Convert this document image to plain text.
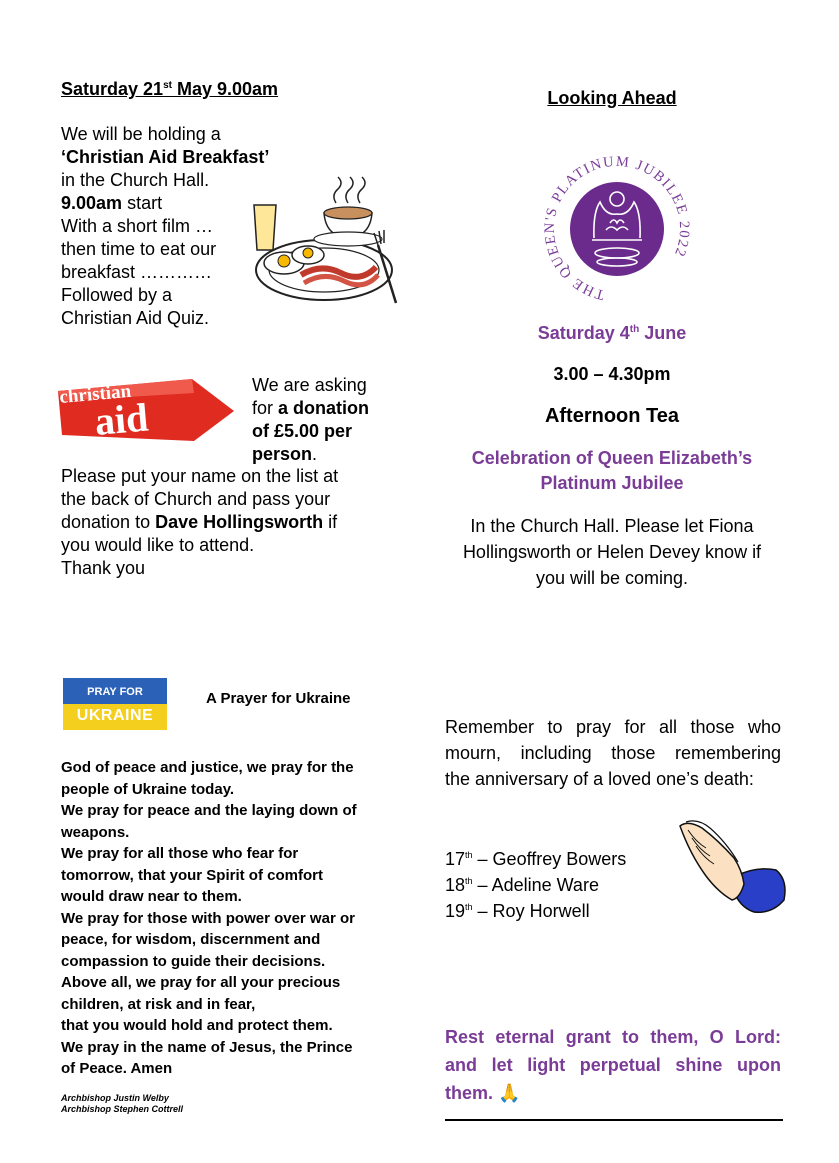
Saturday 21st May 9.00am
We will be holding a
‘Christian Aid Breakfast’
in the Church Hall.
9.00am start
With a short film …
then time to eat our
breakfast …………
Followed by a
Christian Aid Quiz.
christian
aid
We are asking
for a donation
of £5.00 per
person.
Please put your name on the list at
the back of Church and pass your
donation to Dave Hollingsworth if
you would like to attend.
Thank you
Looking Ahead
THE QUEEN'S PLATINUM JUBILEE 2022
Saturday 4th June
3.00 – 4.30pm
Afternoon Tea
Celebration of Queen Elizabeth’s
Platinum Jubilee
In the Church Hall. Please let Fiona
Hollingsworth or Helen Devey know if
you will be coming.
PRAY FOR
UKRAINE
A Prayer for Ukraine
God of peace and justice, we pray for the
people of Ukraine today.
We pray for peace and the laying down of
weapons.
We pray for all those who fear for
tomorrow, that your Spirit of comfort
would draw near to them.
We pray for those with power over war or
peace, for wisdom, discernment and
compassion to guide their decisions.
Above all, we pray for all your precious
children, at risk and in fear,
that you would hold and protect them.
We pray in the name of Jesus, the Prince
of Peace. Amen
Archbishop Justin Welby
Archbishop Stephen Cottrell
Remember to pray for all those who
mourn, including those remembering
the anniversary of a loved one’s death:
17th – Geoffrey Bowers
18th – Adeline Ware
19th – Roy Horwell
Rest eternal grant to them, O Lord:
and let light perpetual shine upon
them. 🙏
